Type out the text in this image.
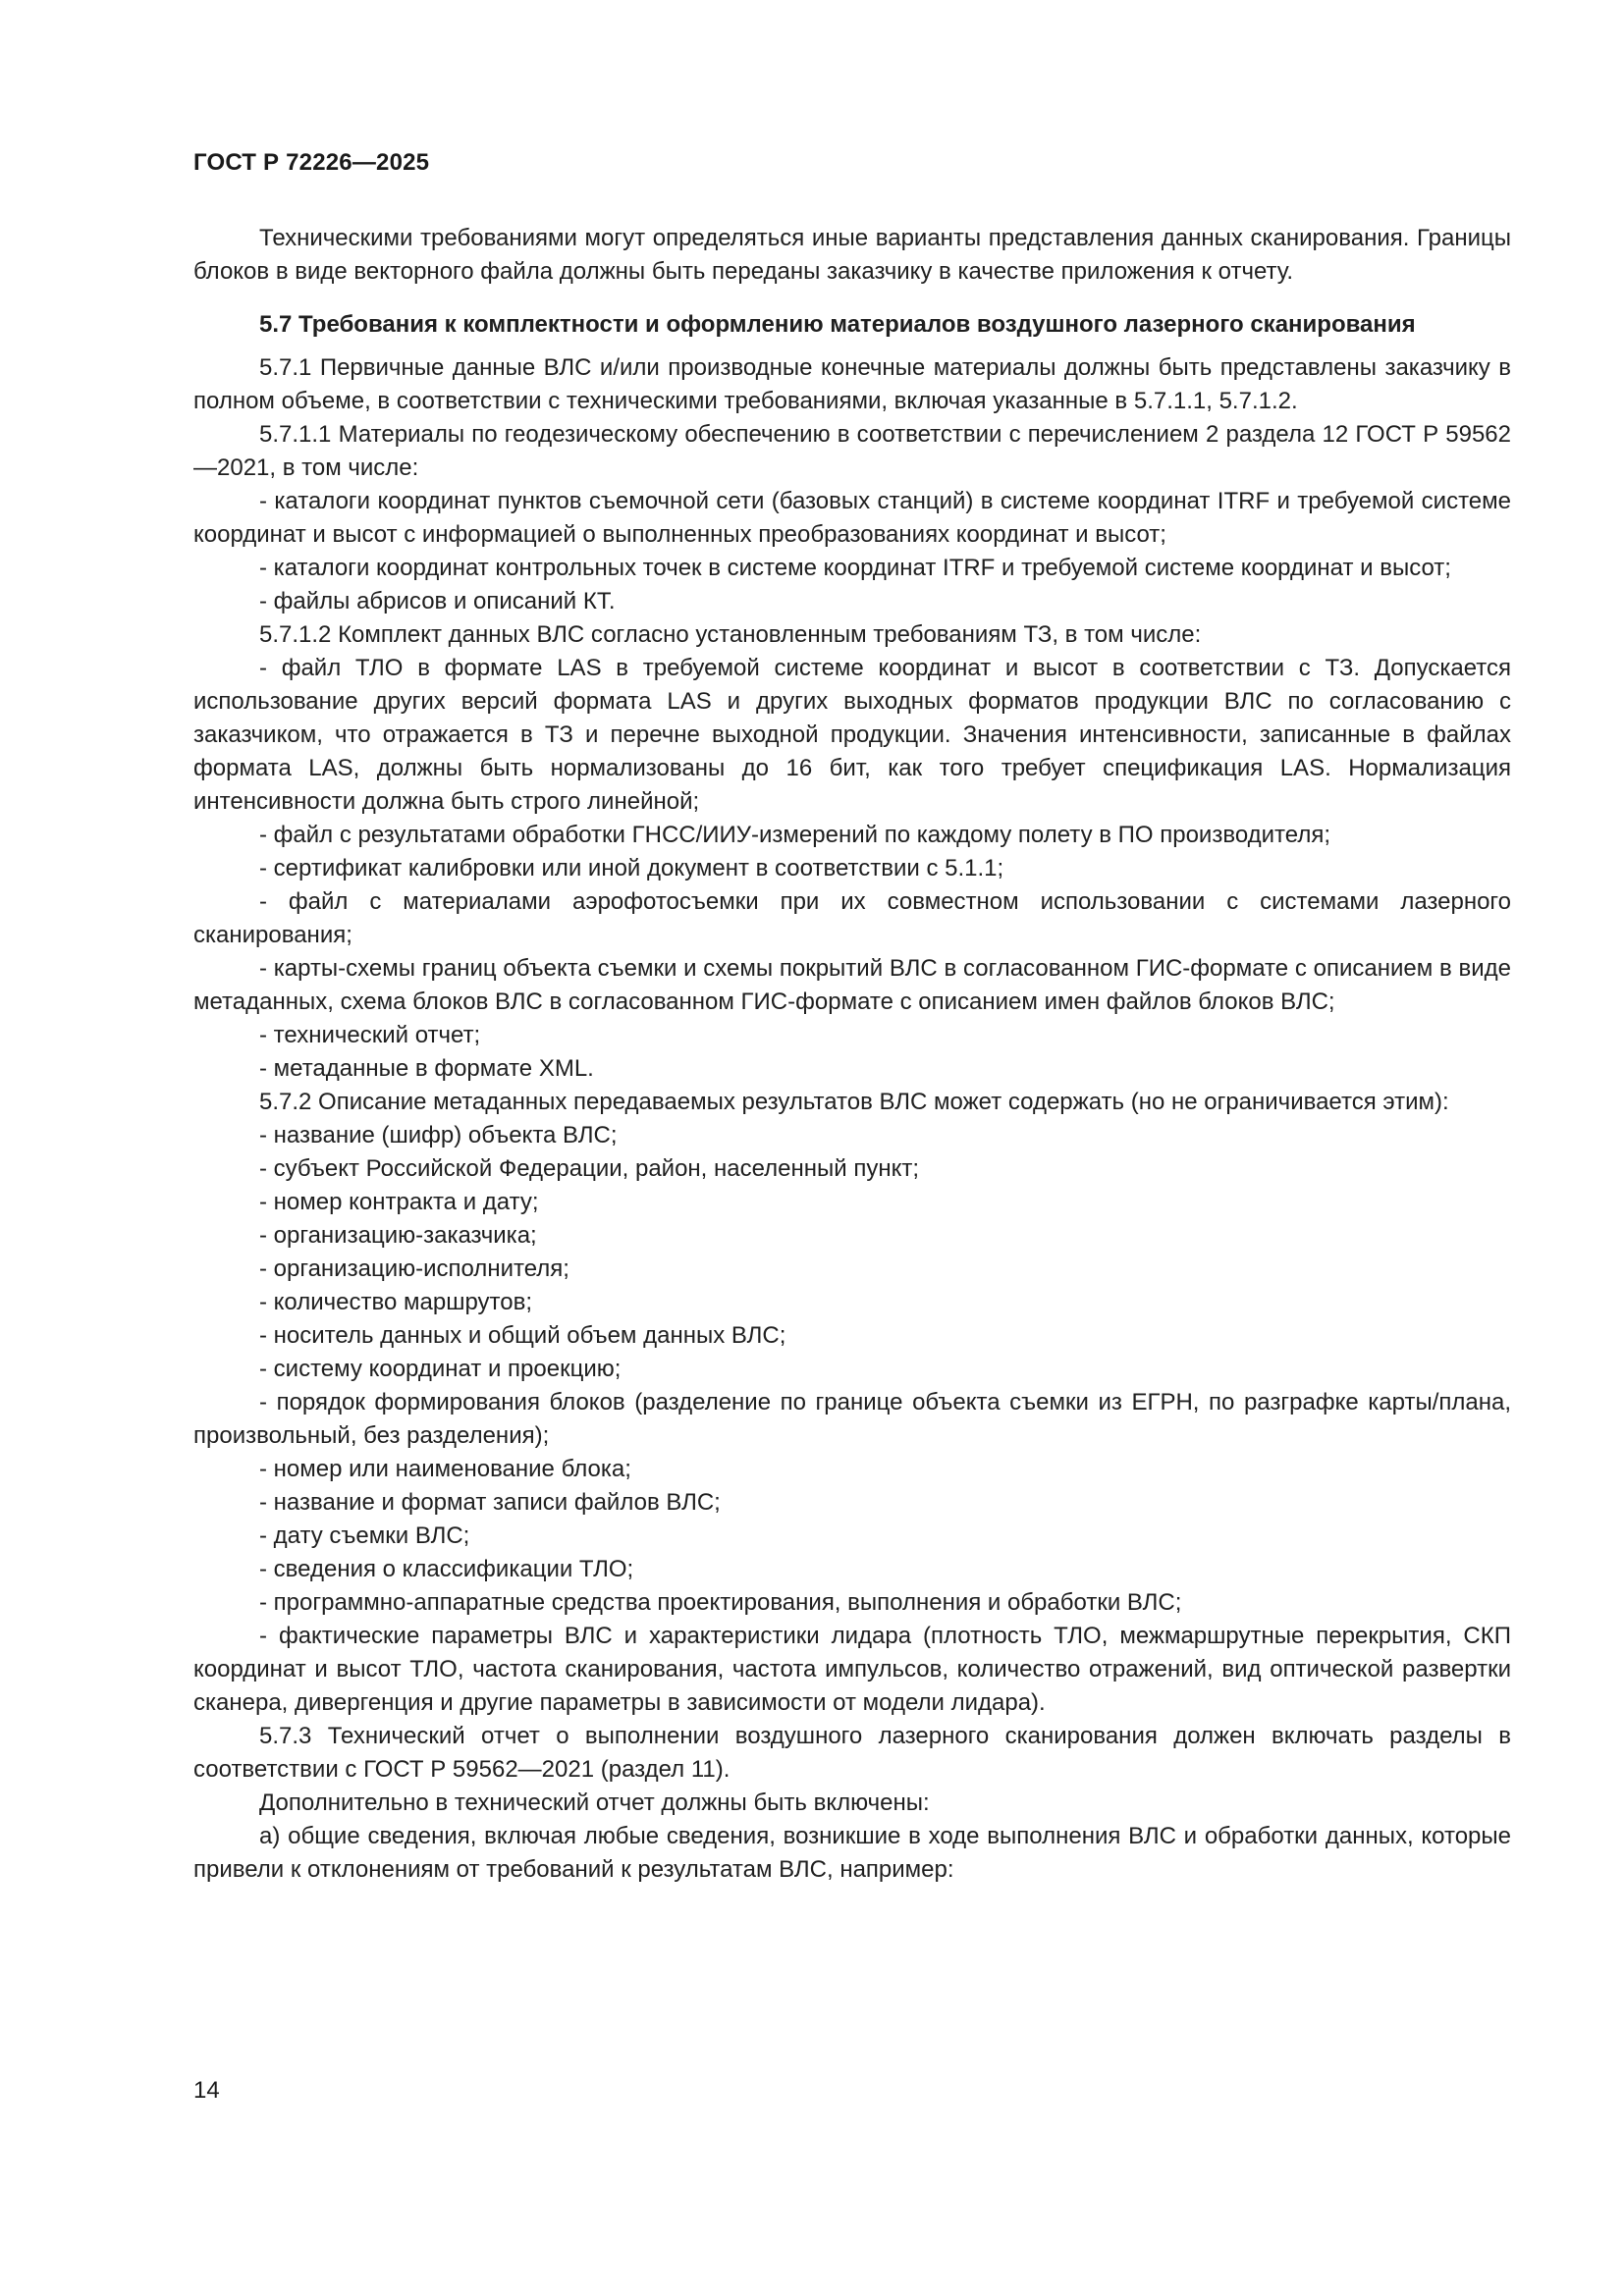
ГОСТ Р 72226—2025

Техническими требованиями могут определяться иные варианты представления данных сканирования. Границы блоков в виде векторного файла должны быть переданы заказчику в качестве приложения к отчету.

5.7 Требования к комплектности и оформлению материалов воздушного лазерного сканирования

5.7.1 Первичные данные ВЛС и/или производные конечные материалы должны быть представлены заказчику в полном объеме, в соответствии с техническими требованиями, включая указанные в 5.7.1.1, 5.7.1.2.

5.7.1.1 Материалы по геодезическому обеспечению в соответствии с перечислением 2 раздела 12 ГОСТ Р 59562—2021, в том числе:

- каталоги координат пунктов съемочной сети (базовых станций) в системе координат ITRF и требуемой системе координат и высот с информацией о выполненных преобразованиях координат и высот;

- каталоги координат контрольных точек в системе координат ITRF и требуемой системе координат и высот;

- файлы абрисов и описаний КТ.

5.7.1.2 Комплект данных ВЛС согласно установленным требованиям ТЗ, в том числе:

- файл ТЛО в формате LAS в требуемой системе координат и высот в соответствии с ТЗ. Допускается использование других версий формата LAS и других выходных форматов продукции ВЛС по согласованию с заказчиком, что отражается в ТЗ и перечне выходной продукции. Значения интенсивности, записанные в файлах формата LAS, должны быть нормализованы до 16 бит, как того требует спецификация LAS. Нормализация интенсивности должна быть строго линейной;

- файл с результатами обработки ГНСС/ИИУ-измерений по каждому полету в ПО производителя;

- сертификат калибровки или иной документ в соответствии с 5.1.1;

- файл с материалами аэрофотосъемки при их совместном использовании с системами лазерного сканирования;

- карты-схемы границ объекта съемки и схемы покрытий ВЛС в согласованном ГИС-формате с описанием в виде метаданных, схема блоков ВЛС в согласованном ГИС-формате с описанием имен файлов блоков ВЛС;

- технический отчет;

- метаданные в формате XML.

5.7.2 Описание метаданных передаваемых результатов ВЛС может содержать (но не ограничивается этим):

- название (шифр) объекта ВЛС;

- субъект Российской Федерации, район, населенный пункт;

- номер контракта и дату;

- организацию-заказчика;

- организацию-исполнителя;

- количество маршрутов;

- носитель данных и общий объем данных ВЛС;

- систему координат и проекцию;

- порядок формирования блоков (разделение по границе объекта съемки из ЕГРН, по разграфке карты/плана, произвольный, без разделения);

- номер или наименование блока;

- название и формат записи файлов ВЛС;

- дату съемки ВЛС;

- сведения о классификации ТЛО;

- программно-аппаратные средства проектирования, выполнения и обработки ВЛС;

- фактические параметры ВЛС и характеристики лидара (плотность ТЛО, межмаршрутные перекрытия, СКП координат и высот ТЛО, частота сканирования, частота импульсов, количество отражений, вид оптической развертки сканера, дивергенция и другие параметры в зависимости от модели лидара).

5.7.3 Технический отчет о выполнении воздушного лазерного сканирования должен включать разделы в соответствии с ГОСТ Р 59562—2021 (раздел 11).

Дополнительно в технический отчет должны быть включены:

а) общие сведения, включая любые сведения, возникшие в ходе выполнения ВЛС и обработки данных, которые привели к отклонениям от требований к результатам ВЛС, например:

14
